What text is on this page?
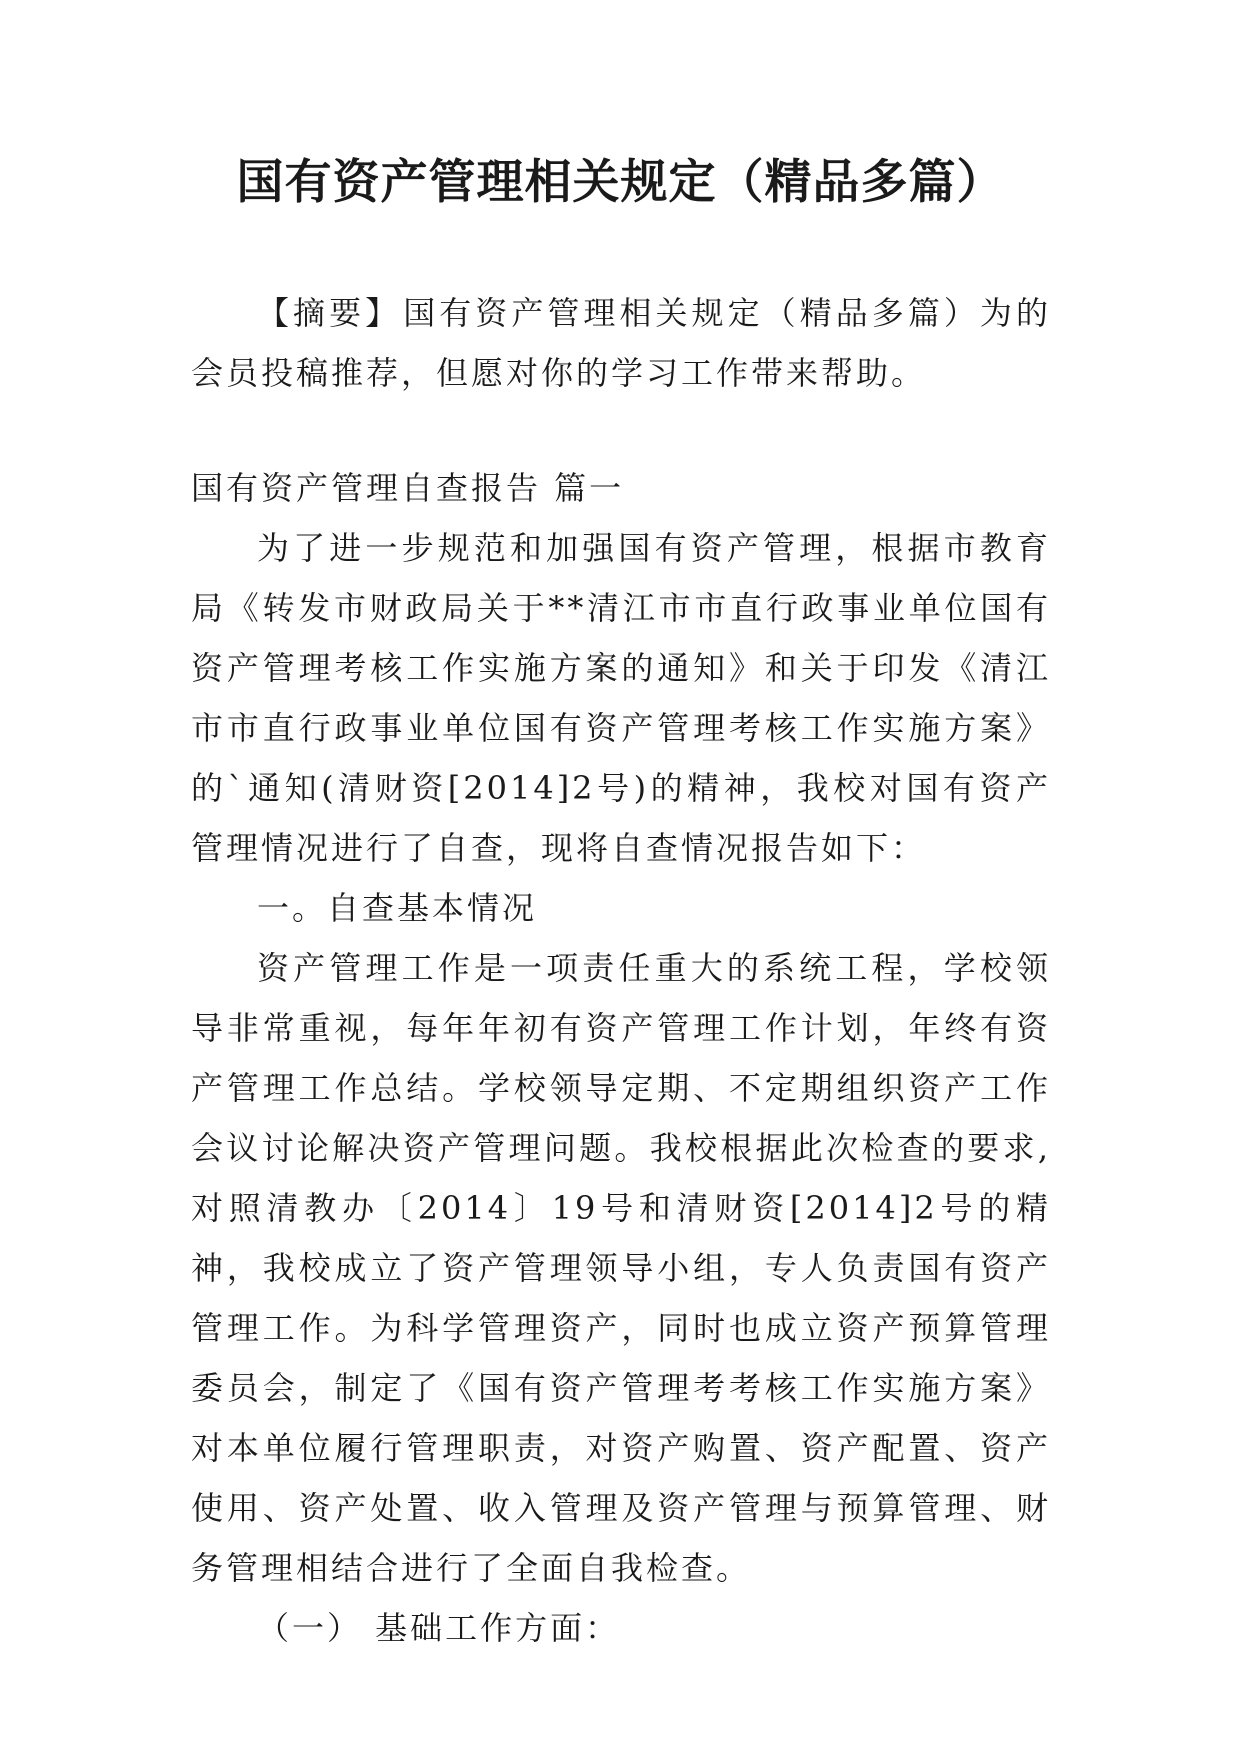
国有资产管理相关规定（精品多篇）

【摘要】国有资产管理相关规定（精品多篇）为的会员投稿推荐，但愿对你的学习工作带来帮助。

国有资产管理自查报告 篇一

为了进一步规范和加强国有资产管理，根据市教育局《转发市财政局关于**清江市市直行政事业单位国有资产管理考核工作实施方案的通知》和关于印发《清江市市直行政事业单位国有资产管理考核工作实施方案》的`通知(清财资[2014]2号)的精神，我校对国有资产管理情况进行了自查，现将自查情况报告如下：

一。自查基本情况

资产管理工作是一项责任重大的系统工程，学校领导非常重视，每年年初有资产管理工作计划，年终有资产管理工作总结。学校领导定期、不定期组织资产工作会议讨论解决资产管理问题。我校根据此次检查的要求,对照清教办〔2014〕19号和清财资[2014]2号的精神，我校成立了资产管理领导小组，专人负责国有资产管理工作。为科学管理资产，同时也成立资产预算管理委员会，制定了《国有资产管理考考核工作实施方案》对本单位履行管理职责，对资产购置、资产配置、资产使用、资产处置、收入管理及资产管理与预算管理、财务管理相结合进行了全面自我检查。

（一） 基础工作方面：
